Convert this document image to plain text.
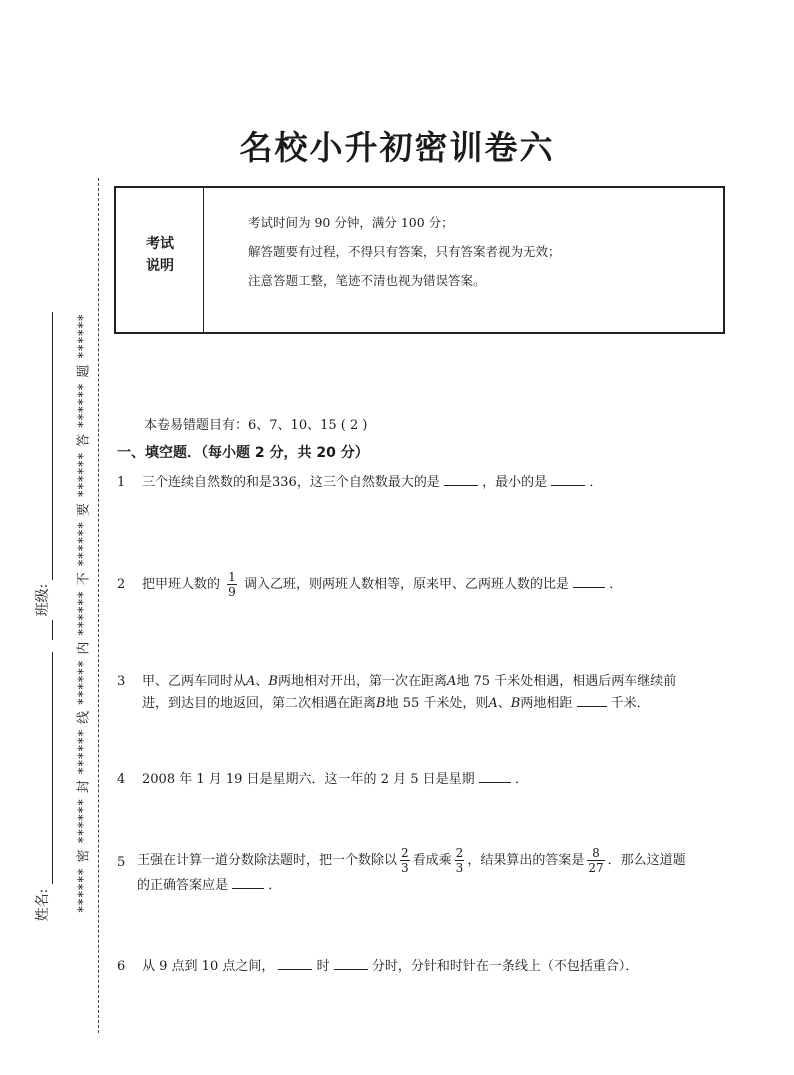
名校小升初密训卷六
考试
说明
考试时间为 90 分钟，满分 100 分；
解答题要有过程，不得只有答案，只有答案者视为无效；
注意答题工整，笔迹不清也视为错误答案。
****** 密 ****** 封 ****** 线 ****** 内 ****** 不 ****** 要 ****** 答 ****** 题 ******
班级:
姓名:
本卷易错题目有：6、7、10、15 ( 2 )
一、填空题．（每小题 2 分，共 20 分）
1	三个连续自然数的和是336，这三个自然数最大的是	，最小的是	．
2	把甲班人数的 $\frac{1}{9}$ 调入乙班，则两班人数相等，原来甲、乙两班人数的比是	．
3 甲、乙两车同时从A、B两地相对开出，第一次在距离A地 75 千米处相遇，相遇后两车继续前
进，到达目的地返回，第二次相遇在距离B地 55 千米处，则A、B两地相距	千米．
4	2008 年 1 月 19 日是星期六．这一年的 2 月 5 日是星期	．
5 王强在计算一道分数除法题时，把一个数除以 $\frac{2}{3}$ 看成乘 $\frac{2}{3}$ ，结果算出的答案是 $\frac{8}{27}$ ．那么这道题
的正确答案应是	．
6	从 9 点到 10 点之间，	时	分时，分针和时针在一条线上（不包括重合）．
